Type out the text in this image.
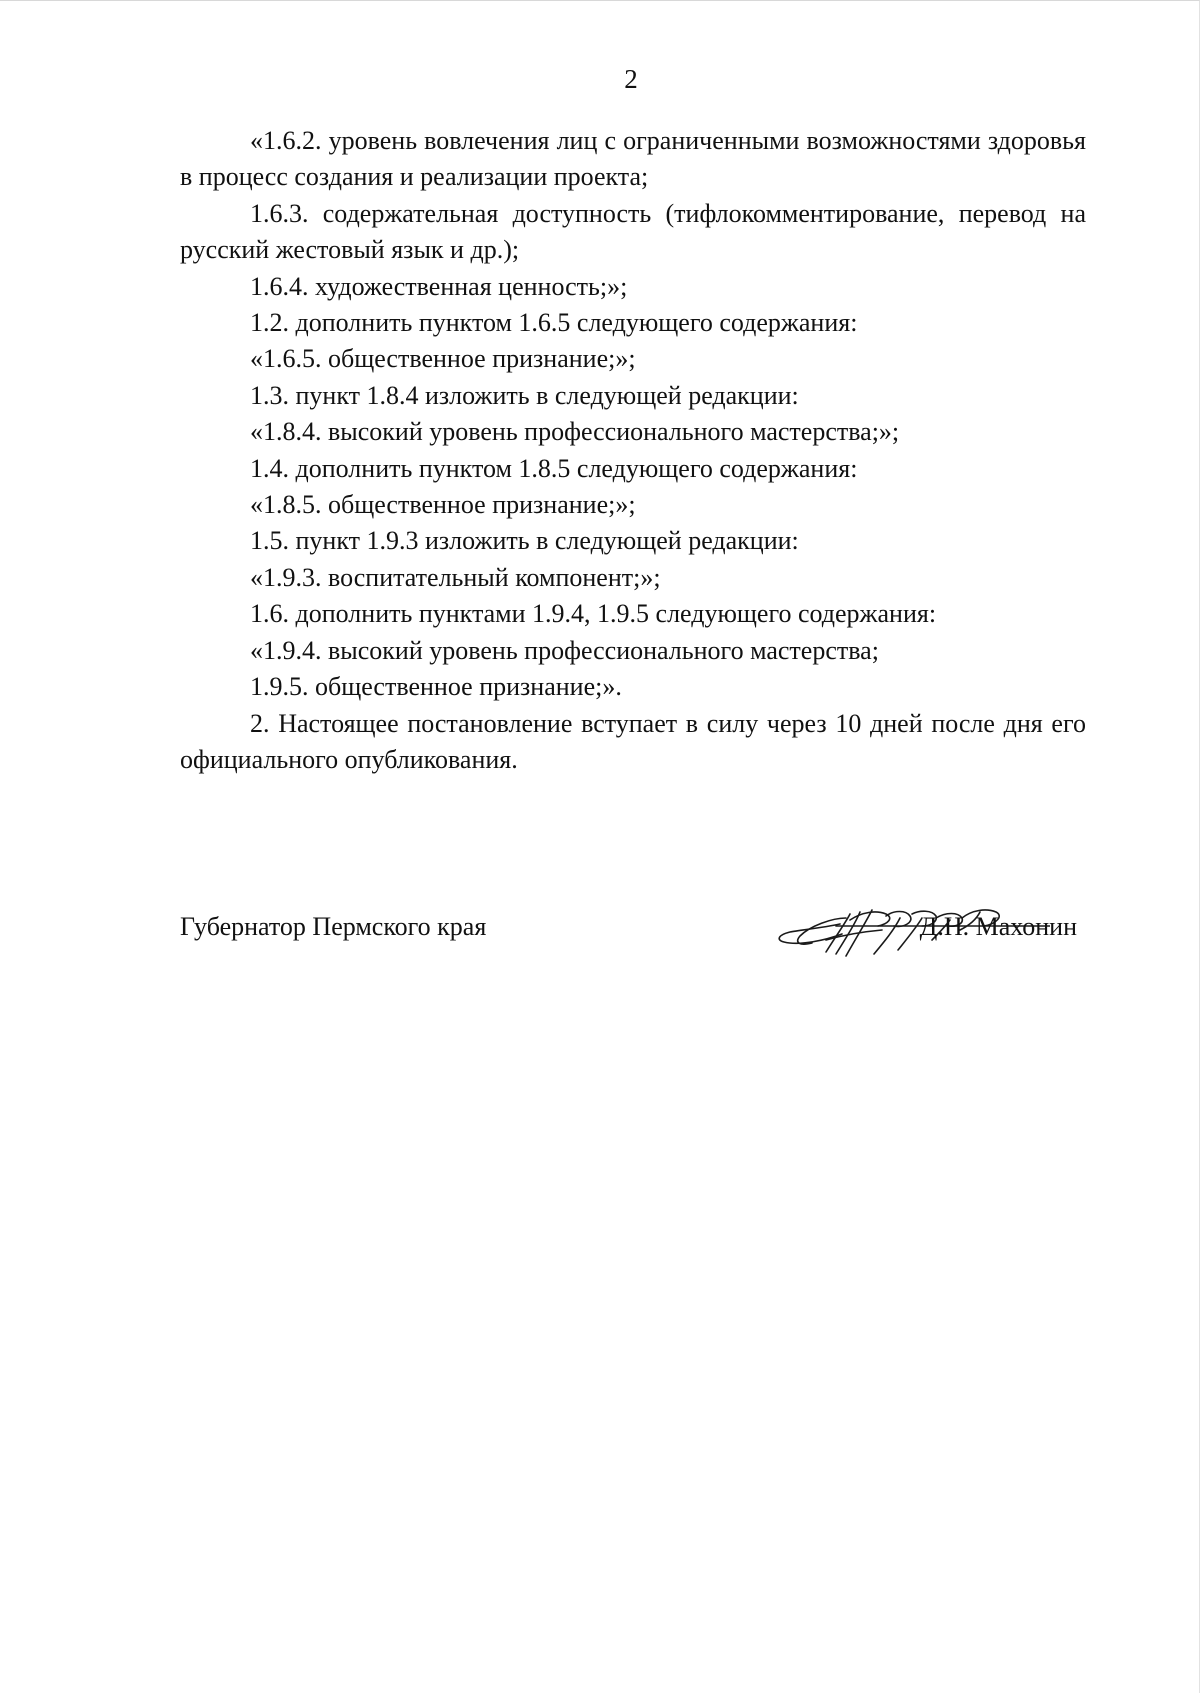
2

«1.6.2. уровень вовлечения лиц с ограниченными возможностями здоровья в процесс создания и реализации проекта;

1.6.3. содержательная доступность (тифлокомментирование, перевод на русский жестовый язык и др.);

1.6.4. художественная ценность;»;

1.2. дополнить пунктом 1.6.5 следующего содержания:

«1.6.5. общественное признание;»;

1.3. пункт 1.8.4 изложить в следующей редакции:

«1.8.4. высокий уровень профессионального мастерства;»;

1.4. дополнить пунктом 1.8.5 следующего содержания:

«1.8.5. общественное признание;»;

1.5. пункт 1.9.3 изложить в следующей редакции:

«1.9.3. воспитательный компонент;»;

1.6. дополнить пунктами 1.9.4, 1.9.5 следующего содержания:

«1.9.4. высокий уровень профессионального мастерства;

1.9.5. общественное признание;».

2. Настоящее постановление вступает в силу через 10 дней после дня его официального опубликования.

Губернатор Пермского края	Д.Н. Махонин
